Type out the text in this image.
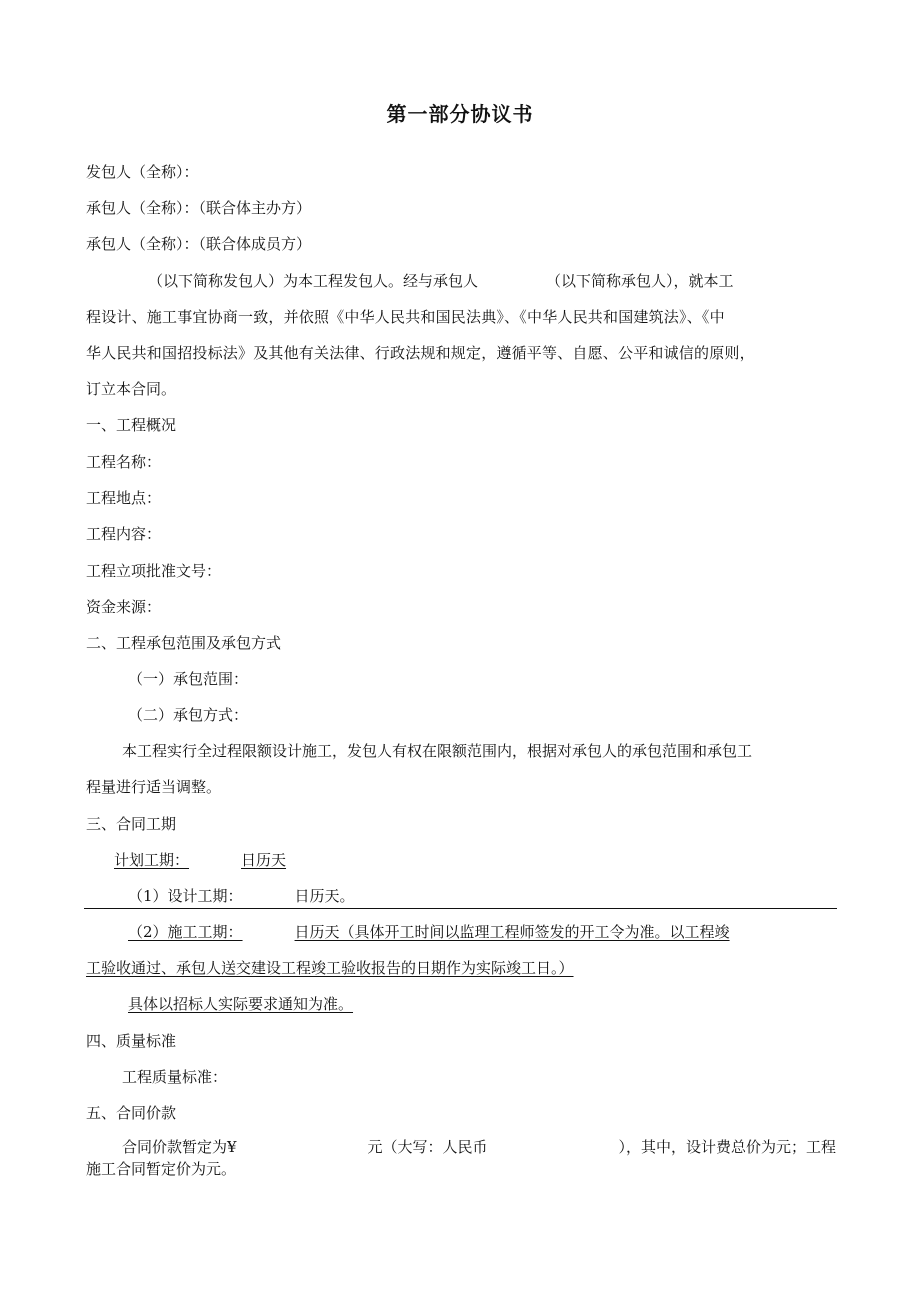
第一部分协议书
发包人（全称）：
承包人（全称）：（联合体主办方）
承包人（全称）：（联合体成员方）
（以下简称发包人）为本工程发包人。经与承包人	（以下简称承包人），就本工
程设计、施工事宜协商一致，并依照《中华人民共和国民法典》、《中华人民共和国建筑法》、《中
华人民共和国招投标法》及其他有关法律、行政法规和规定，遵循平等、自愿、公平和诚信的原则，
订立本合同。
一、工程概况
工程名称：
工程地点：
工程内容：
工程立项批准文号：
资金来源：
二、工程承包范围及承包方式
（一）承包范围：
（二）承包方式：
本工程实行全过程限额设计施工，发包人有权在限额范围内，根据对承包人的承包范围和承包工
程量进行适当调整。
三、合同工期
计划工期：	日历天
（1）设计工期：	日历天。
（2）施工工期：	日历天（具体开工时间以监理工程师签发的开工令为准。以工程竣
工验收通过、承包人送交建设工程竣工验收报告的日期作为实际竣工日。）
具体以招标人实际要求通知为准。
四、质量标准
工程质量标准：
五、合同价款
合同价款暂定为¥	元（大写：人民币	），其中，设计费总价为元；工程
施工合同暂定价为元。
